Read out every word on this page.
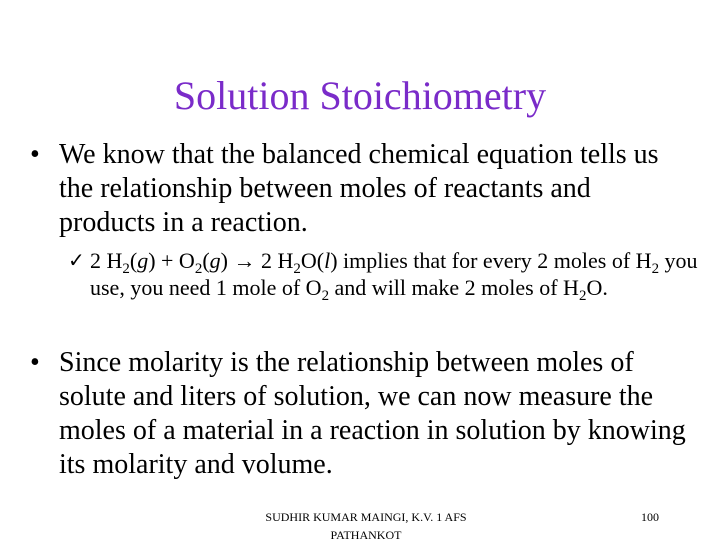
Solution Stoichiometry
• We know that the balanced chemical equation tells us the relationship between moles of reactants and products in a reaction.
✓ 2 $H_2(g) + O_2(g) \to 2$ $H_2O(l)$ implies that for every 2 moles of $H_2$ you use, you need 1 mole of $O_2$ and will make 2 moles of $H_2O$.
• Since molarity is the relationship between moles of solute and liters of solution, we can now measure the moles of a material in a reaction in solution by knowing its molarity and volume.
SUDHIR KUMAR MAINGI, K.V. 1 AFS PATHANKOT
100
